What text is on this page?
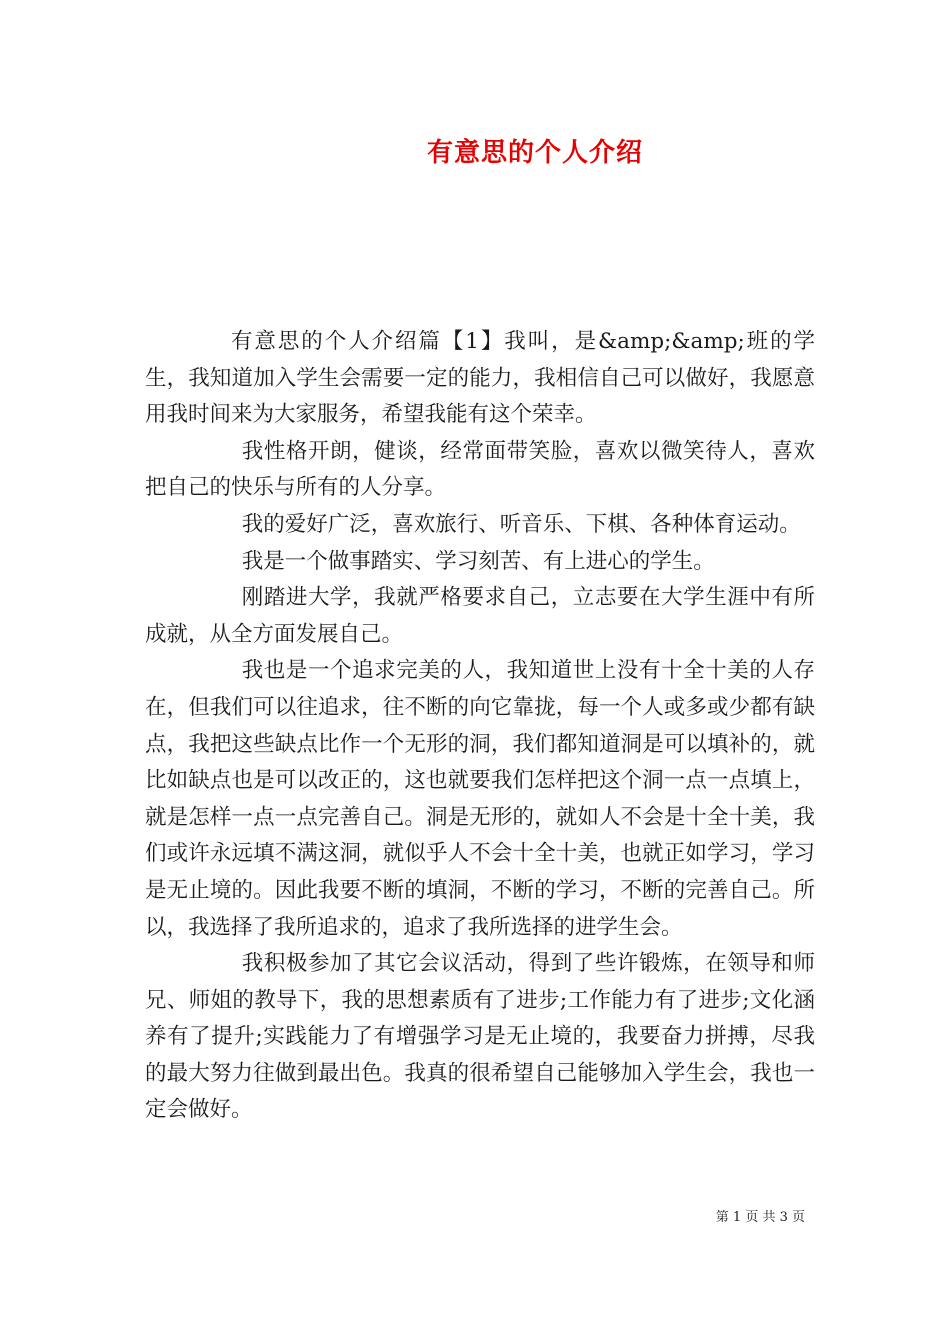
有意思的个人介绍

有意思的个人介绍篇【1】我叫，是&amp;&amp;班的学生，我知道加入学生会需要一定的能力，我相信自己可以做好，我愿意用我时间来为大家服务，希望我能有这个荣幸。

我性格开朗，健谈，经常面带笑脸，喜欢以微笑待人，喜欢把自己的快乐与所有的人分享。

我的爱好广泛，喜欢旅行、听音乐、下棋、各种体育运动。

我是一个做事踏实、学习刻苦、有上进心的学生。

刚踏进大学，我就严格要求自己，立志要在大学生涯中有所成就，从全方面发展自己。

我也是一个追求完美的人，我知道世上没有十全十美的人存在，但我们可以往追求，往不断的向它靠拢，每一个人或多或少都有缺点，我把这些缺点比作一个无形的洞，我们都知道洞是可以填补的，就比如缺点也是可以改正的，这也就要我们怎样把这个洞一点一点填上，就是怎样一点一点完善自己。洞是无形的，就如人不会是十全十美，我们或许永远填不满这洞，就似乎人不会十全十美，也就正如学习，学习是无止境的。因此我要不断的填洞，不断的学习，不断的完善自己。所以，我选择了我所追求的，追求了我所选择的进学生会。

我积极参加了其它会议活动，得到了些许锻炼，在领导和师兄、师姐的教导下，我的思想素质有了进步;工作能力有了进步;文化涵养有了提升;实践能力了有增强学习是无止境的，我要奋力拼搏，尽我的最大努力往做到最出色。我真的很希望自己能够加入学生会，我也一定会做好。

第 1 页 共 3 页
